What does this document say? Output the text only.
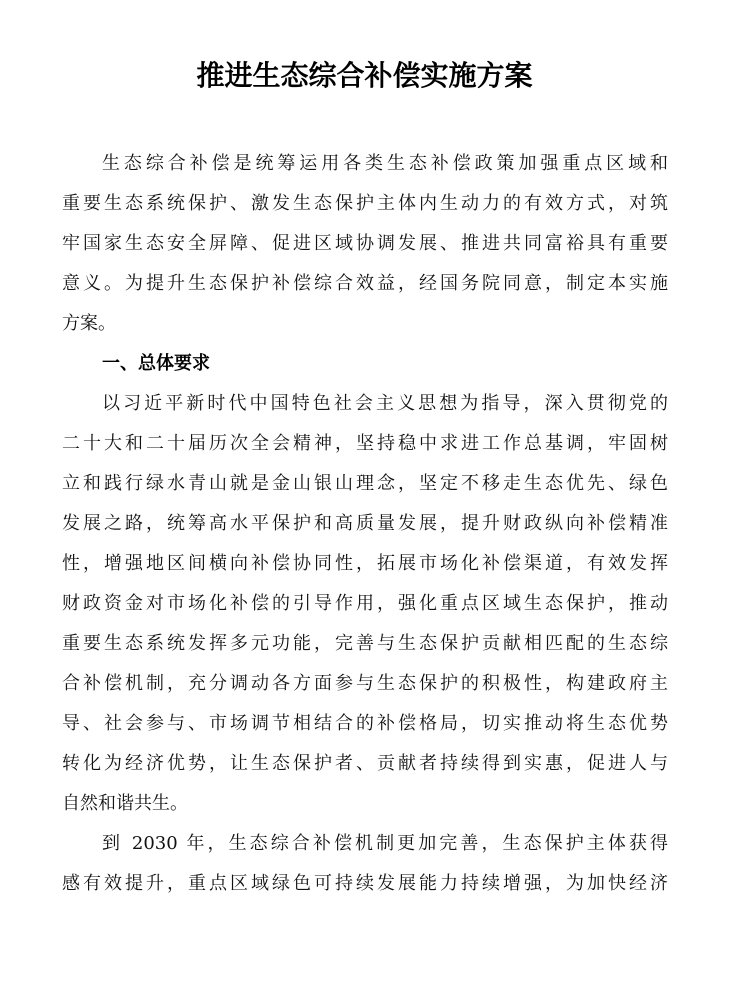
推进生态综合补偿实施方案
生态综合补偿是统筹运用各类生态补偿政策加强重点区域和
重要生态系统保护、激发生态保护主体内生动力的有效方式，对筑
牢国家生态安全屏障、促进区域协调发展、推进共同富裕具有重要
意义。为提升生态保护补偿综合效益，经国务院同意，制定本实施
方案。
一、总体要求
以习近平新时代中国特色社会主义思想为指导，深入贯彻党的
二十大和二十届历次全会精神，坚持稳中求进工作总基调，牢固树
立和践行绿水青山就是金山银山理念，坚定不移走生态优先、绿色
发展之路，统筹高水平保护和高质量发展，提升财政纵向补偿精准
性，增强地区间横向补偿协同性，拓展市场化补偿渠道，有效发挥
财政资金对市场化补偿的引导作用，强化重点区域生态保护，推动
重要生态系统发挥多元功能，完善与生态保护贡献相匹配的生态综
合补偿机制，充分调动各方面参与生态保护的积极性，构建政府主
导、社会参与、市场调节相结合的补偿格局，切实推动将生态优势
转化为经济优势，让生态保护者、贡献者持续得到实惠，促进人与
自然和谐共生。
到 2030 年，生态综合补偿机制更加完善，生态保护主体获得
感有效提升，重点区域绿色可持续发展能力持续增强，为加快经济
